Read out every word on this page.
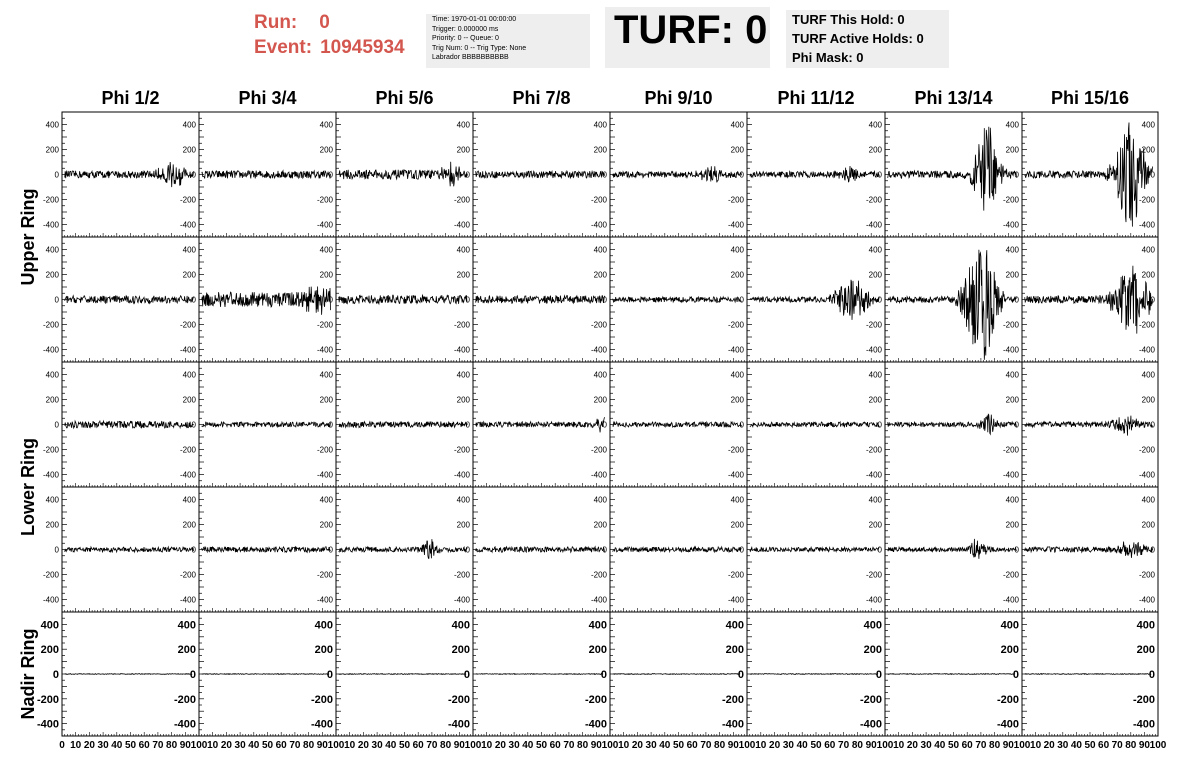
Run: 0
Event: 10945934
Time: 1970-01-01 00:00:00
Trigger: 0.000000 ms
Priority: 0 -- Queue: 0
Trig Num: 0 -- Trig Type: None
Labrador BBBBBBBBBB
TURF: 0 TURF This Hold: 0
TURF Active Holds: 0
Phi Mask: 0
Phi 1/2	Phi 3/4	Phi 5/6	Phi 7/8	Phi 9/10	Phi 11/12	Phi 13/14	Phi 15/16
Upper Ring
Lower Ring
Nadir Ring
400
200
0
-200
-400
400
200
0
-200
-400
400
200
0
-200
-400
400
200
0
-200
-400
400
200
0
-200
-400
400
200
0
-200
-400
400
200
0
-200
-400
400
200
0
-200
-400
400
200
0
-200
-400
400
200
0
-200
-400
400
200
0
-200
-400
400
200
0
-200
-400
400
200
0
-200
-400
400
200
0
-200
-400
400
200
0
-200
-400
400
200
0
-200
-400
400
200
0
-200
-400
400
200
0
-200
-400
400
200
0
-200
-400
400
200
0
-200
-400
400
200
0
-200
-400
400
200
0
-200
-400
400
200
0
-200
-400
400
200
0
-200
-400
400
200
0
-200
-400
400
200
0
-200
-400
400
200
0
-200
-400
400
200
0
-200
-400
400
200
0
-200
-400
400
200
0
-200
-400
400
200
0
-200
-400
400
200
0
-200
-400
400
200
0
-200
-400
400
200
0
-200
-400
400
200
0
-200
-400
400
200
0
-200
-400
400
200
0
-200
-400
400
200
0
-200
-400
400
200
0
-200
-400
400
200
0
-200
-400
400
200
0
-200
-400
400
200
0
-200
-400
400
200
0
-200
-400
400
200
0
-200
-400
400
200
0
-200
-400
0 10 20 30 40 50 60 70 80 90 100 10 20 30 40 50 60 70 80 90 100 10 20 30 40 50 60 70 80 90 100 10 20 30 40 50 60 70 80 90 100 10 20 30 40 50 60 70 80 90 100 10 20 30 40 50 60 70 80 90 100 10 20 30 40 50 60 70 80 90 100 10 20 30 40 50 60 70 80 90 100
